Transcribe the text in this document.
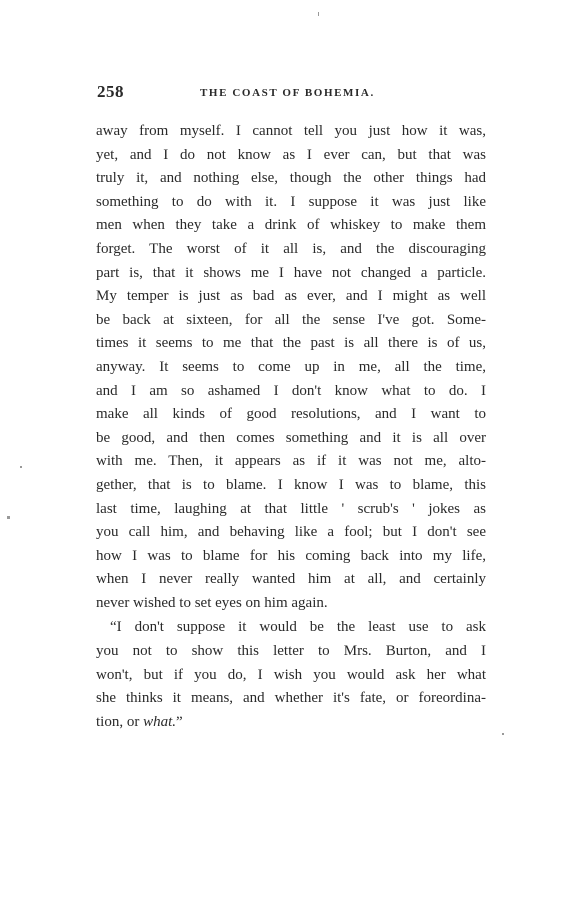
258	THE COAST OF BOHEMIA.
away from myself. I cannot tell you just how it was,
yet, and I do not know as I ever can, but that was
truly it, and nothing else, though the other things had
something to do with it. I suppose it was just like
men when they take a drink of whiskey to make them
forget. The worst of it all is, and the discouraging
part is, that it shows me I have not changed a particle.
My temper is just as bad as ever, and I might as well
be back at sixteen, for all the sense I've got. Some-
times it seems to me that the past is all there is of us,
anyway. It seems to come up in me, all the time,
and I am so ashamed I don't know what to do. I
make all kinds of good resolutions, and I want to
be good, and then comes something and it is all over
with me. Then, it appears as if it was not me, alto-
gether, that is to blame. I know I was to blame, this
last time, laughing at that little ' scrub's ' jokes as
you call him, and behaving like a fool; but I don't see
how I was to blame for his coming back into my life,
when I never really wanted him at all, and certainly
never wished to set eyes on him again.
“I don't suppose it would be the least use to ask
you not to show this letter to Mrs. Burton, and I
won't, but if you do, I wish you would ask her what
she thinks it means, and whether it's fate, or foreordina-
tion, or what.”
